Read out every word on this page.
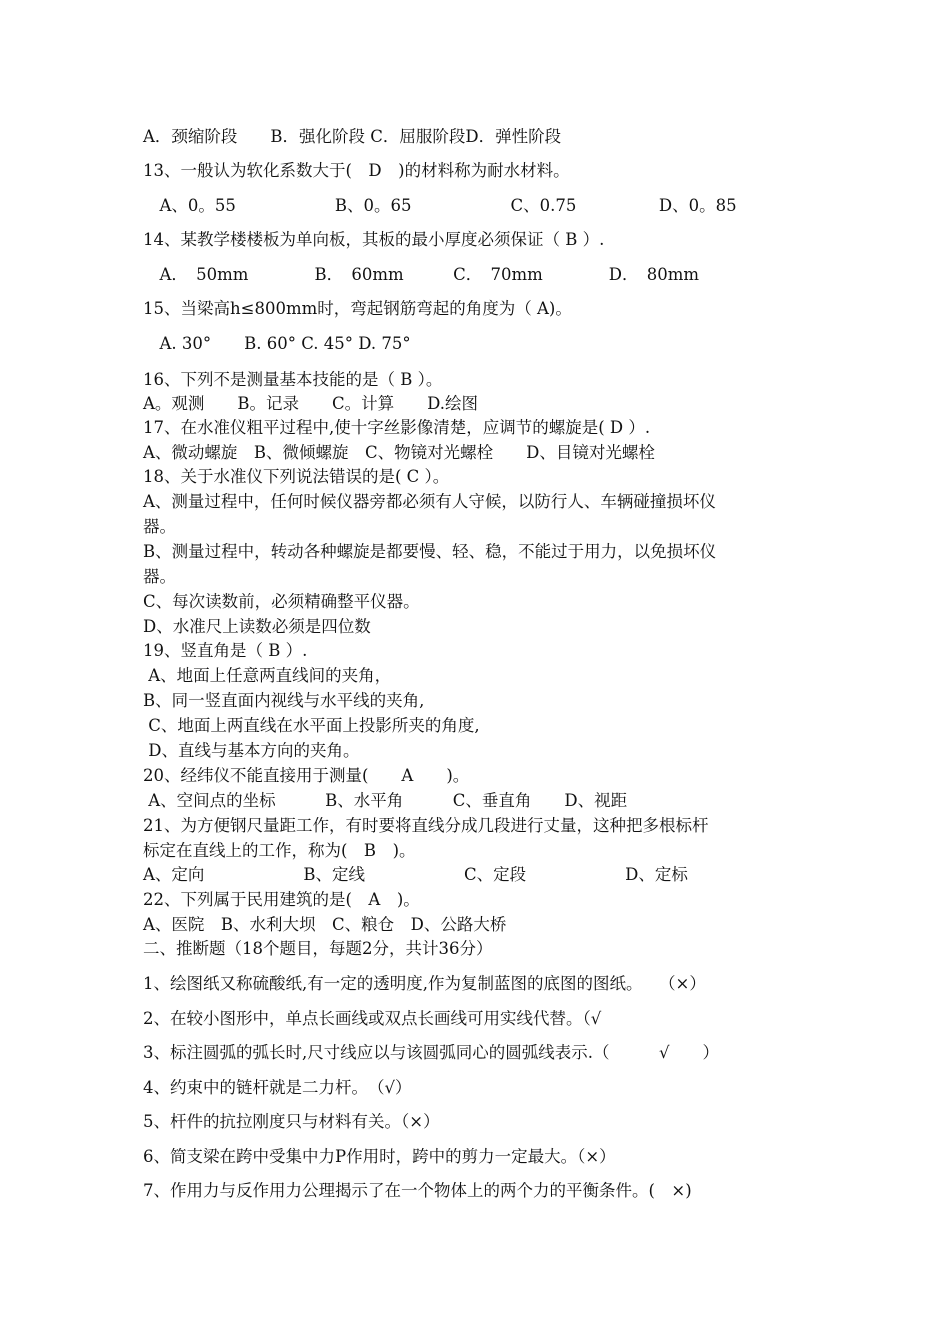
A．颈缩阶段　　B．强化阶段 C．屈服阶段D．弹性阶段
13、一般认为软化系数大于(　D　)的材料称为耐水材料。
　A、0。55　　　　　　B、0。65　　　　　　C、0.75　　　　　D、0。85
14、某教学楼楼板为单向板，其板的最小厚度必须保证（ B ）.
　A．　50mm　　　　B．　60mm　　　C．　70mm　　　　D．　80mm
15、当梁高h≤800mm时，弯起钢筋弯起的角度为（ A)。
　A. 30°　　B. 60° C. 45° D. 75°
16、下列不是测量基本技能的是（ B ）。
A。观测　　B。记录　　C。计算　　D.绘图
17、在水准仪粗平过程中,使十字丝影像清楚，应调节的螺旋是( D ）.
A、微动螺旋　B、微倾螺旋　C、物镜对光螺栓　　D、目镜对光螺栓
18、关于水准仪下列说法错误的是( C ）。
A、测量过程中，任何时候仪器旁都必须有人守候，以防行人、车辆碰撞损坏仪
器。
B、测量过程中，转动各种螺旋是都要慢、轻、稳，不能过于用力，以免损坏仪
器。
C、每次读数前，必须精确整平仪器。
D、水准尺上读数必须是四位数
19、竖直角是（ B ）.
A、地面上任意两直线间的夹角，
B、同一竖直面内视线与水平线的夹角,
C、地面上两直线在水平面上投影所夹的角度,
D、直线与基本方向的夹角。
20、经纬仪不能直接用于测量(　　A　　)。
A、空间点的坐标　　　B、水平角　　　C、垂直角　　D、视距
21、为方便钢尺量距工作，有时要将直线分成几段进行丈量，这种把多根标杆
标定在直线上的工作，称为(　B　)。
A、定向　　　　　　B、定线　　　　　　C、定段　　　　　　D、定标
22、下列属于民用建筑的是(　A　)。
A、医院　B、水利大坝　C、粮仓　D、公路大桥
二、推断题（18个题目，每题2分，共计36分）
1、绘图纸又称硫酸纸,有一定的透明度,作为复制蓝图的底图的图纸。　　（×）
2、在较小图形中，单点长画线或双点长画线可用实线代替。（√
3、标注圆弧的弧长时,尺寸线应以与该圆弧同心的圆弧线表示.（　　　√　　）
4、约束中的链杆就是二力杆。　（√）
5、杆件的抗拉刚度只与材料有关。（×）
6、简支梁在跨中受集中力P作用时，跨中的剪力一定最大。（×）
7、作用力与反作用力公理揭示了在一个物体上的两个力的平衡条件。(　×)
